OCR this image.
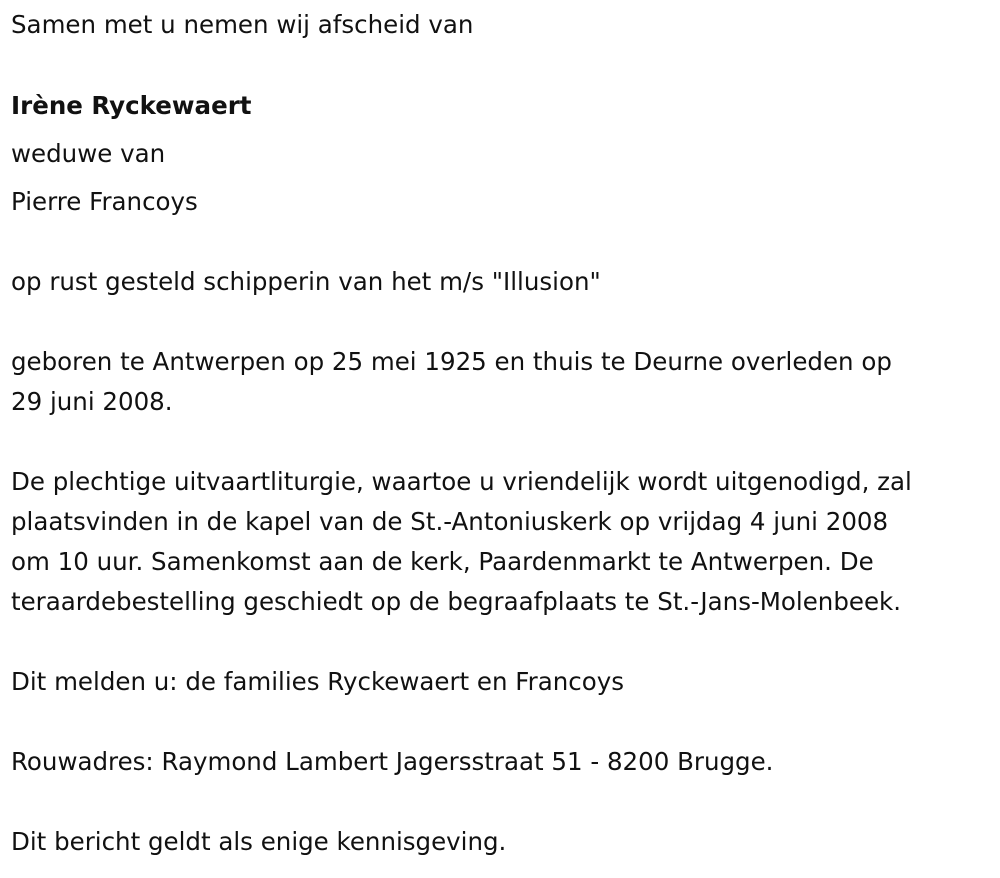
Samen met u nemen wij afscheid van
Irène Ryckewaert
weduwe van
Pierre Francoys
op rust gesteld schipperin van het m/s "Illusion"
geboren te Antwerpen op 25 mei 1925 en thuis te Deurne overleden op
29 juni 2008.
De plechtige uitvaartliturgie, waartoe u vriendelijk wordt uitgenodigd, zal
plaatsvinden in de kapel van de St.-Antoniuskerk op vrijdag 4 juni 2008
om 10 uur. Samenkomst aan de kerk, Paardenmarkt te Antwerpen. De
teraardebestelling geschiedt op de begraafplaats te St.-Jans-Molenbeek.
Dit melden u: de families Ryckewaert en Francoys
Rouwadres: Raymond Lambert Jagersstraat 51 - 8200 Brugge.
Dit bericht geldt als enige kennisgeving.
